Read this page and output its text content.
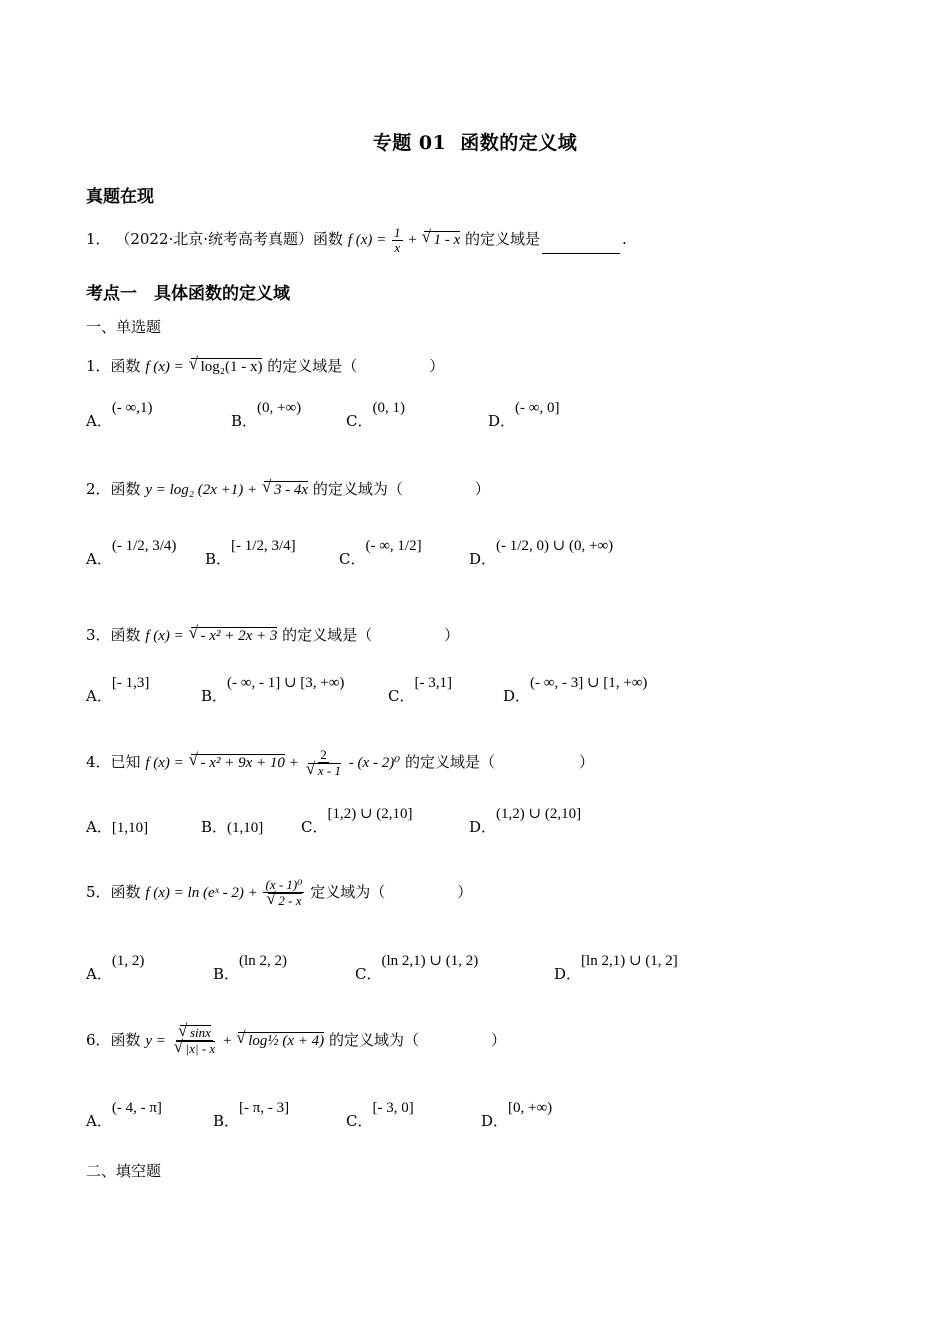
专题 01 函数的定义域
真题在现
1． （2022·北京·统考高考真题）函数 f $(x) = \frac{1}{x}$ + √ 1 - x 的定义域是	.
考点一　具体函数的定义域
一、单选题
1．函数 f (x) = √ log₂(1 - x) 的定义域是（	）
A．(- ∞,1)
B．(0, +∞)
C．(0, 1)
D．(- ∞, 0]
2．函数 y = log₂ (2x +1) + √ 3 - 4x 的定义域为（	）
A．(- 1/2, 3/4)
B．[- 1/2, 3/4]
C．(- ∞, 1/2]
D．(- 1/2, 0) ∪ (0, +∞)
3．函数 f (x) = √ - x² + 2x + 3 的定义域是（	）
A．[- 1,3]
B．(- ∞, - 1] ∪ [3, +∞)
C．[- 3,1]
D．(- ∞, - 3] ∪ [1, +∞)
4．已知 f (x) = √ - x² + 9x + 10 + 2
√ x - 1 - (x - 2)⁰ 的定义域是（	）
A．[1,10]	B．(1,10]	C．[1,2) ∪ (2,10]
D．(1,2) ∪ (2,10]
5．函数 f (x) = ln (eˣ - 2) + (x - 1)⁰
√ 2 - x 定义域为（	）
A．(1, 2)
B．(ln 2, 2)
C．(ln 2,1) ∪ (1, 2)
D．[ln 2,1) ∪ (1, 2]
6．函数 y = √ sinx
√ |x| - x + √ log½ (x + 4) 的定义域为（	）
A．(- 4, - π]
B．[- π, - 3]
C．[- 3, 0]
D．[0, +∞)
二、填空题
